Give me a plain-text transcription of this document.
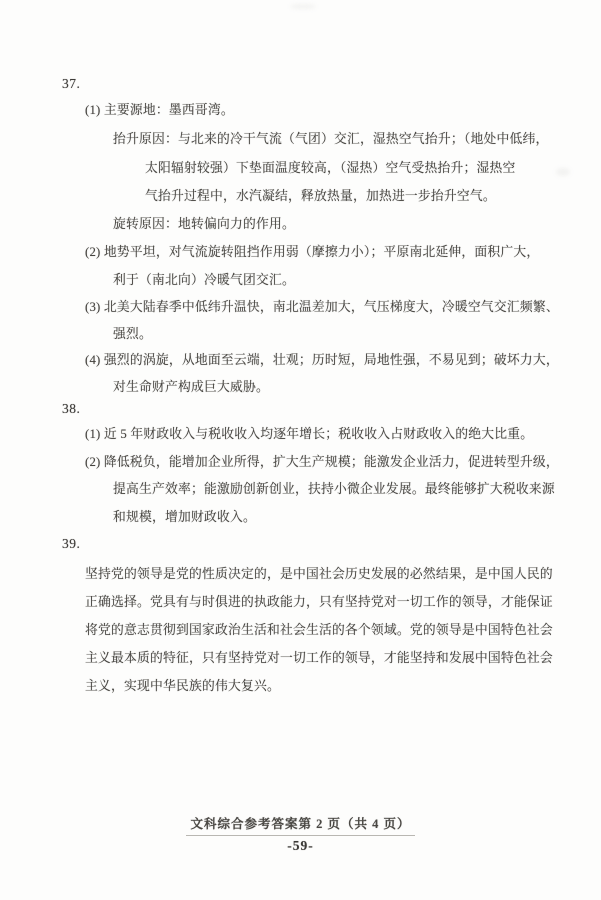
37.
(1) 主要源地：墨西哥湾。
抬升原因：与北来的冷干气流（气团）交汇，湿热空气抬升；（地处中低纬，
太阳辐射较强）下垫面温度较高，（湿热）空气受热抬升；湿热空
气抬升过程中，水汽凝结，释放热量，加热进一步抬升空气。
旋转原因：地转偏向力的作用。
(2) 地势平坦，对气流旋转阻挡作用弱（摩擦力小）；平原南北延伸，面积广大，
利于（南北向）冷暖气团交汇。
(3) 北美大陆春季中低纬升温快，南北温差加大，气压梯度大，冷暖空气交汇频繁、
强烈。
(4) 强烈的涡旋，从地面至云端，壮观；历时短，局地性强，不易见到；破坏力大，
对生命财产构成巨大威胁。
38.
(1) 近 5 年财政收入与税收收入均逐年增长；税收收入占财政收入的绝大比重。
(2) 降低税负，能增加企业所得，扩大生产规模；能激发企业活力，促进转型升级，
提高生产效率；能激励创新创业，扶持小微企业发展。最终能够扩大税收来源
和规模，增加财政收入。
39.
坚持党的领导是党的性质决定的，是中国社会历史发展的必然结果，是中国人民的
正确选择。党具有与时俱进的执政能力，只有坚持党对一切工作的领导，才能保证
将党的意志贯彻到国家政治生活和社会生活的各个领域。党的领导是中国特色社会
主义最本质的特征，只有坚持党对一切工作的领导，才能坚持和发展中国特色社会
主义，实现中华民族的伟大复兴。
文科综合参考答案第 2 页（共 4 页）
-59-
